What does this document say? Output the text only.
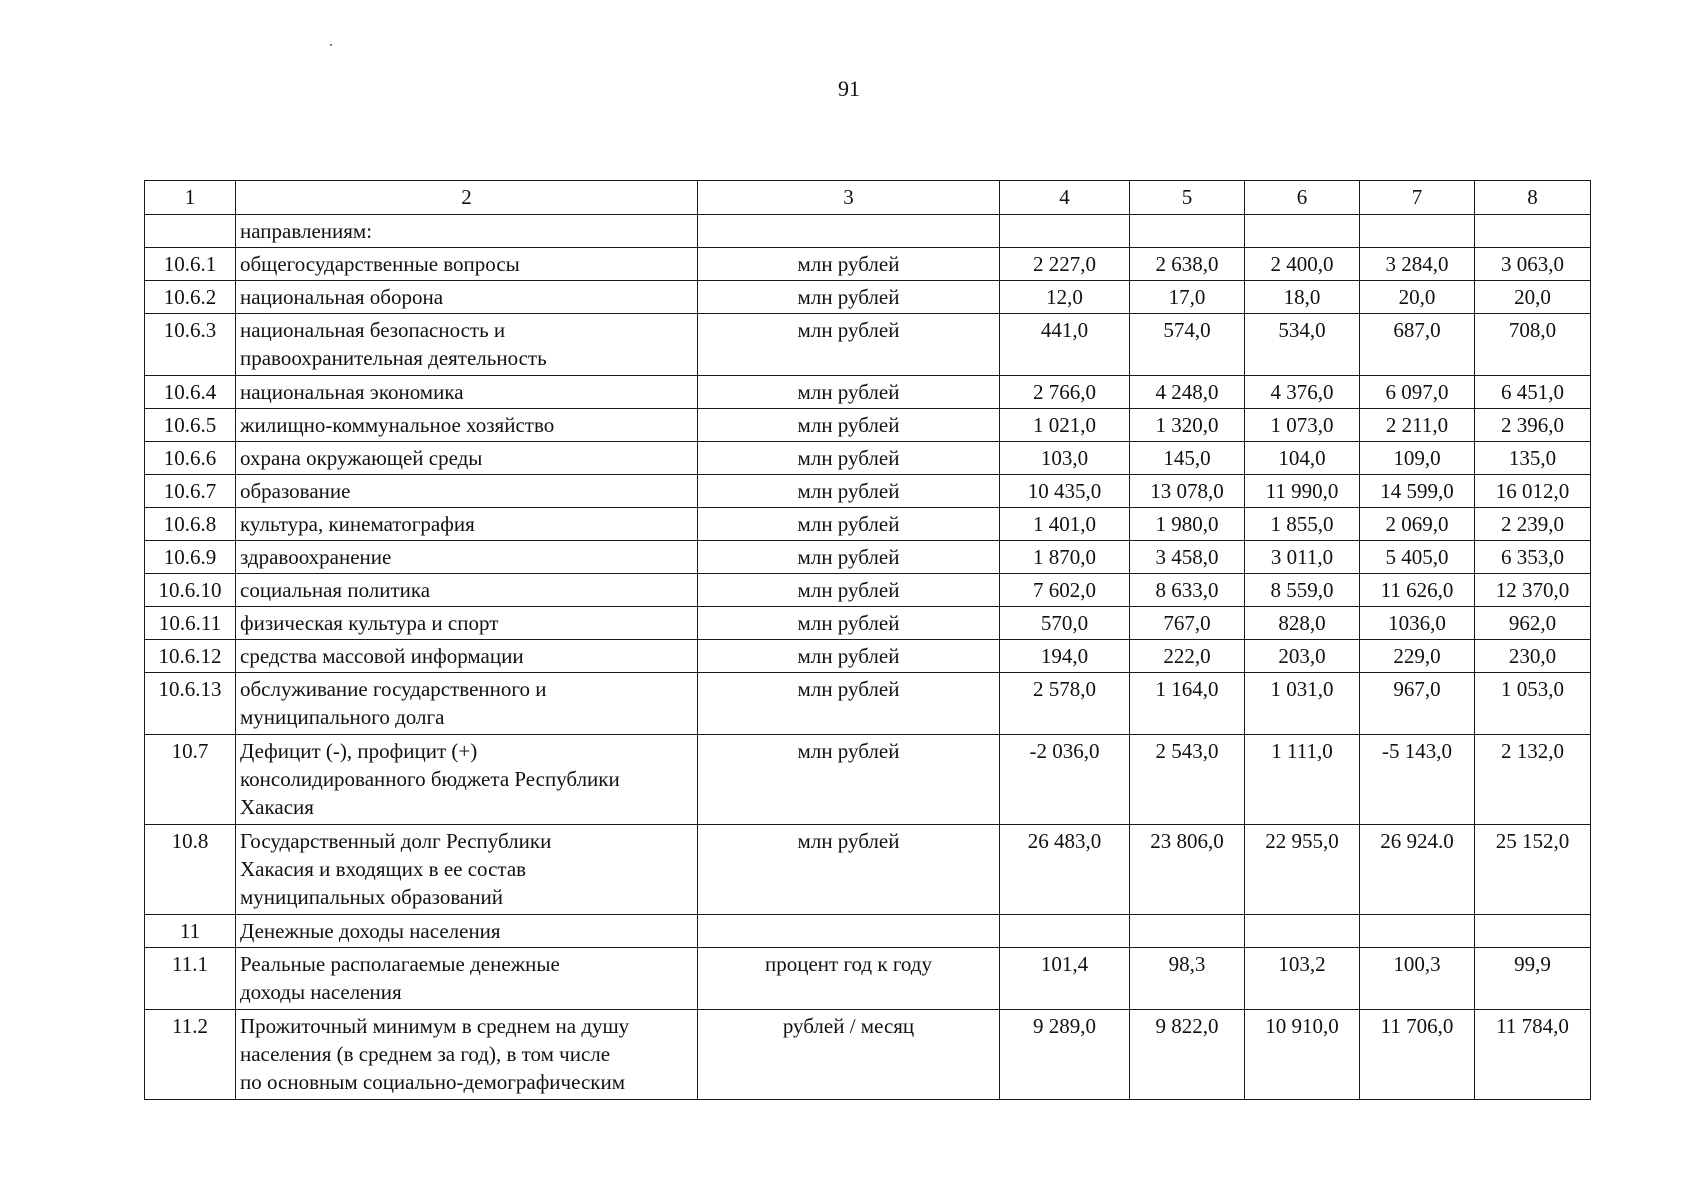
91
1	2	3	4	5	6	7	8

	направлениям:						

10.6.1	общегосударственные вопросы	млн рублей	2 227,0	2 638,0	2 400,0	3 284,0	3 063,0
10.6.2	национальная оборона	млн рублей	12,0	17,0	18,0	20,0	20,0
10.6.3	национальная безопасность и
правоохранительная деятельность	млн рублей	441,0	574,0	534,0	687,0	708,0
10.6.4	национальная экономика	млн рублей	2 766,0	4 248,0	4 376,0	6 097,0	6 451,0
10.6.5	жилищно-коммунальное хозяйство	млн рублей	1 021,0	1 320,0	1 073,0	2 211,0	2 396,0
10.6.6	охрана окружающей среды	млн рублей	103,0	145,0	104,0	109,0	135,0
10.6.7	образование	млн рублей	10 435,0	13 078,0	11 990,0	14 599,0	16 012,0
10.6.8	культура, кинематография	млн рублей	1 401,0	1 980,0	1 855,0	2 069,0	2 239,0
10.6.9	здравоохранение	млн рублей	1 870,0	3 458,0	3 011,0	5 405,0	6 353,0
10.6.10	социальная политика	млн рублей	7 602,0	8 633,0	8 559,0	11 626,0	12 370,0
10.6.11	физическая культура и спорт	млн рублей	570,0	767,0	828,0	1036,0	962,0
10.6.12	средства массовой информации	млн рублей	194,0	222,0	203,0	229,0	230,0
10.6.13	обслуживание государственного и
муниципального долга	млн рублей	2 578,0	1 164,0	1 031,0	967,0	1 053,0
10.7	Дефицит (-), профицит (+)
консолидированного бюджета Республики
Хакасия	млн рублей	-2 036,0	2 543,0	1 111,0	-5 143,0	2 132,0
10.8	Государственный долг Республики
Хакасия и входящих в ее состав
муниципальных образований	млн рублей	26 483,0	23 806,0	22 955,0	26 924.0	25 152,0
11	Денежные доходы населения						

11.1	Реальные располагаемые денежные
доходы населения	процент год к году	101,4	98,3	103,2	100,3	99,9
11.2	Прожиточный минимум в среднем на душу
населения (в среднем за год), в том числе
по основным социально-демографическим	рублей / месяц	9 289,0	9 822,0	10 910,0	11 706,0	11 784,0
